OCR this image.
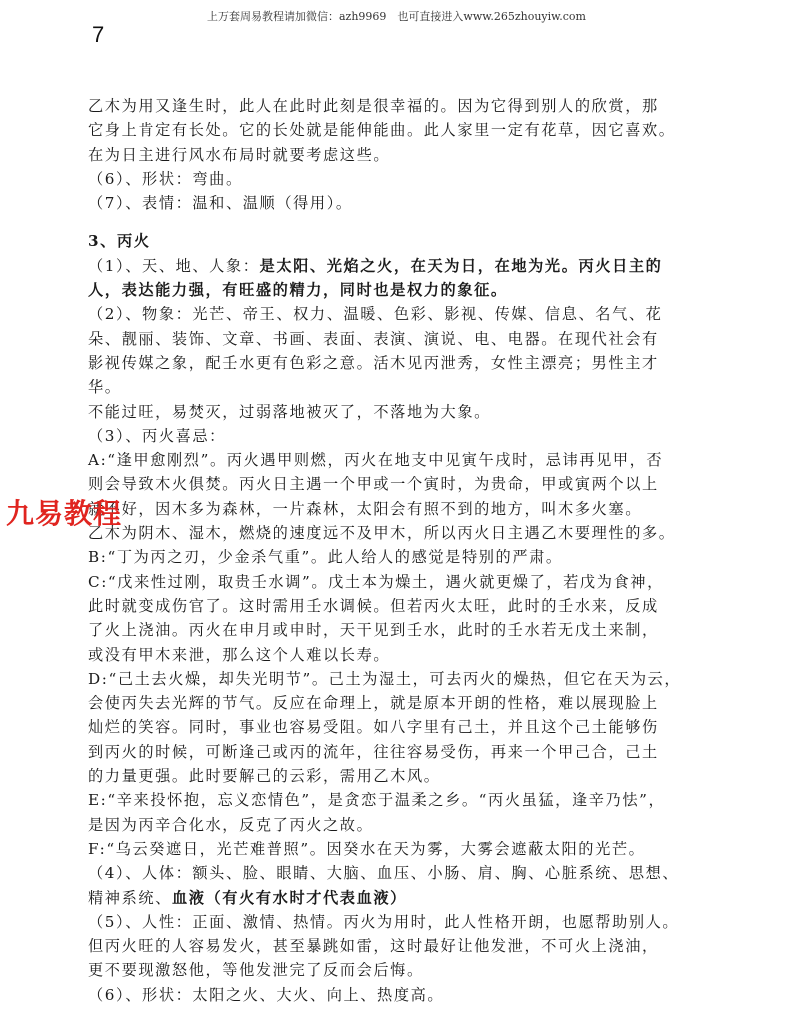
上万套周易教程请加微信：azh9969　也可直接进入www.265zhouyiw.com
7
乙木为用又逢生时，此人在此时此刻是很幸福的。因为它得到别人的欣赏，那
它身上肯定有长处。它的长处就是能伸能曲。此人家里一定有花草，因它喜欢。
在为日主进行风水布局时就要考虑这些。
（6）、形状：弯曲。
（7）、表情：温和、温顺（得用）。
3、丙火
（1）、天、地、人象：是太阳、光焰之火，在天为日，在地为光。丙火日主的
人，表达能力强，有旺盛的精力，同时也是权力的象征。
（2）、物象：光芒、帝王、权力、温暖、色彩、影视、传媒、信息、名气、花
朵、靓丽、装饰、文章、书画、表面、表演、演说、电、电器。在现代社会有
影视传媒之象，配壬水更有色彩之意。活木见丙泄秀，女性主漂亮；男性主才
华。
不能过旺，易焚灭，过弱落地被灭了，不落地为大象。
（3）、丙火喜忌：
A:“逢甲愈刚烈”。丙火遇甲则燃，丙火在地支中见寅午戌时，忌讳再见甲，否
则会导致木火俱焚。丙火日主遇一个甲或一个寅时，为贵命，甲或寅两个以上
就不好，因木多为森林，一片森林，太阳会有照不到的地方，叫木多火塞。
乙木为阴木、湿木，燃烧的速度远不及甲木，所以丙火日主遇乙木要理性的多。
B:“丁为丙之刃，少金杀气重”。此人给人的感觉是特别的严肃。
C:“戊来性过刚，取贵壬水调”。戊土本为燥土，遇火就更燥了，若戊为食神，
此时就变成伤官了。这时需用壬水调候。但若丙火太旺，此时的壬水来，反成
了火上浇油。丙火在申月或申时，天干见到壬水，此时的壬水若无戊土来制，
或没有甲木来泄，那么这个人难以长寿。
D:“己土去火燥，却失光明节”。己土为湿土，可去丙火的燥热，但它在天为云，
会使丙失去光辉的节气。反应在命理上，就是原本开朗的性格，难以展现脸上
灿烂的笑容。同时，事业也容易受阻。如八字里有己土，并且这个己土能够伤
到丙火的时候，可断逢己或丙的流年，往往容易受伤，再来一个甲己合，己土
的力量更强。此时要解己的云彩，需用乙木风。
E:“辛来投怀抱，忘义恋情色”，是贪恋于温柔之乡。“丙火虽猛，逢辛乃怯”，
是因为丙辛合化水，反克了丙火之故。
F:“乌云癸遮日，光芒难普照”。因癸水在天为雾，大雾会遮蔽太阳的光芒。
（4）、人体：额头、脸、眼睛、大脑、血压、小肠、肩、胸、心脏系统、思想、
精神系统、血液（有火有水时才代表血液）
（5）、人性：正面、激情、热情。丙火为用时，此人性格开朗，也愿帮助别人。
但丙火旺的人容易发火，甚至暴跳如雷，这时最好让他发泄，不可火上浇油，
更不要现激怒他，等他发泄完了反而会后悔。
（6）、形状：太阳之火、大火、向上、热度高。
九易教程
